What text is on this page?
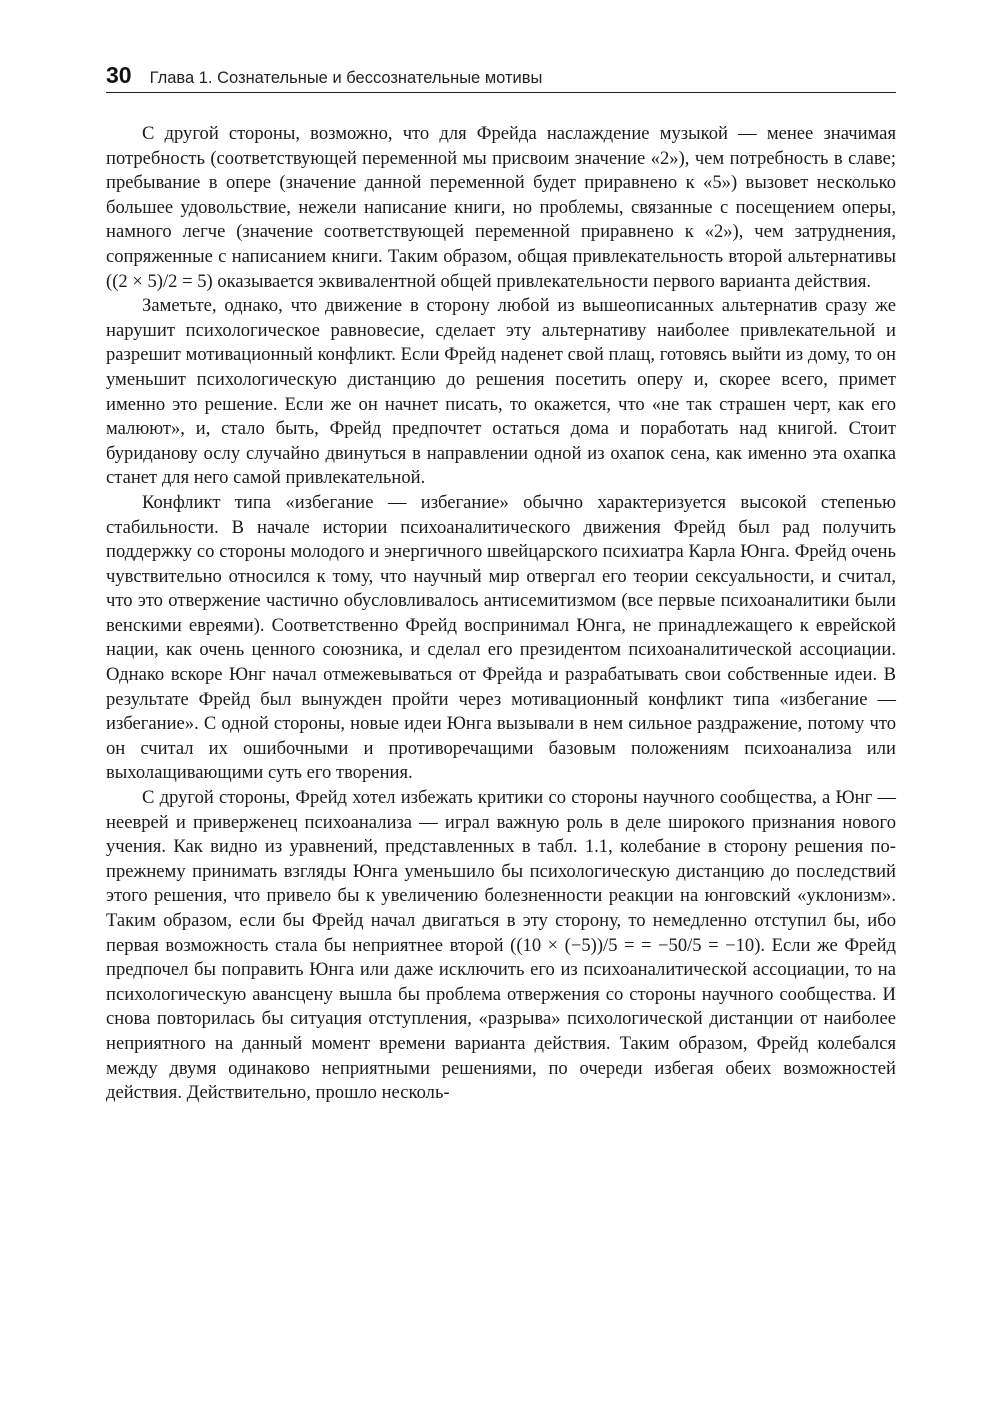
30 Глава 1. Сознательные и бессознательные мотивы

С другой стороны, возможно, что для Фрейда наслаждение музыкой — менее значимая потребность (соответствующей переменной мы присвоим значение «2»), чем потребность в славе; пребывание в опере (значение данной переменной будет приравнено к «5») вызовет несколько большее удовольствие, нежели написание книги, но проблемы, связанные с посещением оперы, намного легче (значение соответствующей переменной приравнено к «2»), чем затруднения, сопряженные с написанием книги. Таким образом, общая привлекательность второй альтернативы ((2 × 5)/2 = 5) оказывается эквивалентной общей привлекательности первого варианта действия.

Заметьте, однако, что движение в сторону любой из вышеописанных альтернатив сразу же нарушит психологическое равновесие, сделает эту альтернативу наиболее привлекательной и разрешит мотивационный конфликт. Если Фрейд наденет свой плащ, готовясь выйти из дому, то он уменьшит психологическую дистанцию до решения посетить оперу и, скорее всего, примет именно это решение. Если же он начнет писать, то окажется, что «не так страшен черт, как его малюют», и, стало быть, Фрейд предпочтет остаться дома и поработать над книгой. Стоит буриданову ослу случайно двинуться в направлении одной из охапок сена, как именно эта охапка станет для него самой привлекательной.

Конфликт типа «избегание — избегание» обычно характеризуется высокой степенью стабильности. В начале истории психоаналитического движения Фрейд был рад получить поддержку со стороны молодого и энергичного швейцарского психиатра Карла Юнга. Фрейд очень чувствительно относился к тому, что научный мир отвергал его теории сексуальности, и считал, что это отвержение частично обусловливалось антисемитизмом (все первые психоаналитики были венскими евреями). Соответственно Фрейд воспринимал Юнга, не принадлежащего к еврейской нации, как очень ценного союзника, и сделал его президентом психоаналитической ассоциации. Однако вскоре Юнг начал отмежевываться от Фрейда и разрабатывать свои собственные идеи. В результате Фрейд был вынужден пройти через мотивационный конфликт типа «избегание — избегание». С одной стороны, новые идеи Юнга вызывали в нем сильное раздражение, потому что он считал их ошибочными и противоречащими базовым положениям психоанализа или выхолащивающими суть его творения.

С другой стороны, Фрейд хотел избежать критики со стороны научного сообщества, а Юнг — нееврей и приверженец психоанализа — играл важную роль в деле широкого признания нового учения. Как видно из уравнений, представленных в табл. 1.1, колебание в сторону решения по-прежнему принимать взгляды Юнга уменьшило бы психологическую дистанцию до последствий этого решения, что привело бы к увеличению болезненности реакции на юнговский «уклонизм». Таким образом, если бы Фрейд начал двигаться в эту сторону, то немедленно отступил бы, ибо первая возможность стала бы неприятнее второй ((10 × (−5))/5 = = −50/5 = −10). Если же Фрейд предпочел бы поправить Юнга или даже исключить его из психоаналитической ассоциации, то на психологическую авансцену вышла бы проблема отвержения со стороны научного сообщества. И снова повторилась бы ситуация отступления, «разрыва» психологической дистанции от наиболее неприятного на данный момент времени варианта действия. Таким образом, Фрейд колебался между двумя одинаково неприятными решениями, по очереди избегая обеих возможностей действия. Действительно, прошло несколь-
